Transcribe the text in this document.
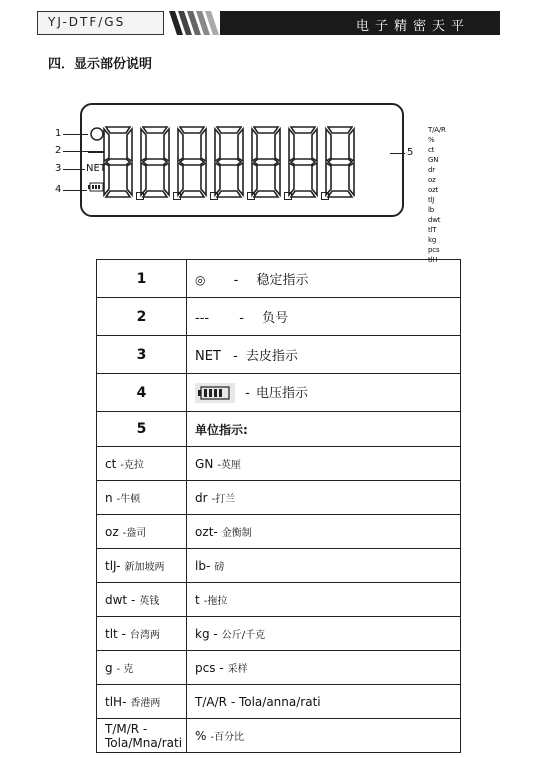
YJ-DTF/GS	电子精密天平
四．显示部份说明
T/A/R %
ct GN dr
oz ozt tlJ
lb dwt tlT
kg pcs tlH
NET
1
2
3
4
5
1	◎ - 稳定指示
2	--- - 负号
3	NET - 去皮指示
4	- 电压指示
5	单位指示:
ct -克拉	GN -英厘
n -牛顿	dr -打兰
oz -盎司	ozt- 金衡制
tlJ- 新加坡两	lb- 磅
dwt - 英钱	t -拖拉
tlt - 台湾两	kg - 公斤/千克
g - 克	pcs - 采样
tlH- 香港两	T/A/R - Tola/anna/rati
T/M/R - Tola/Mna/rati	% -百分比
